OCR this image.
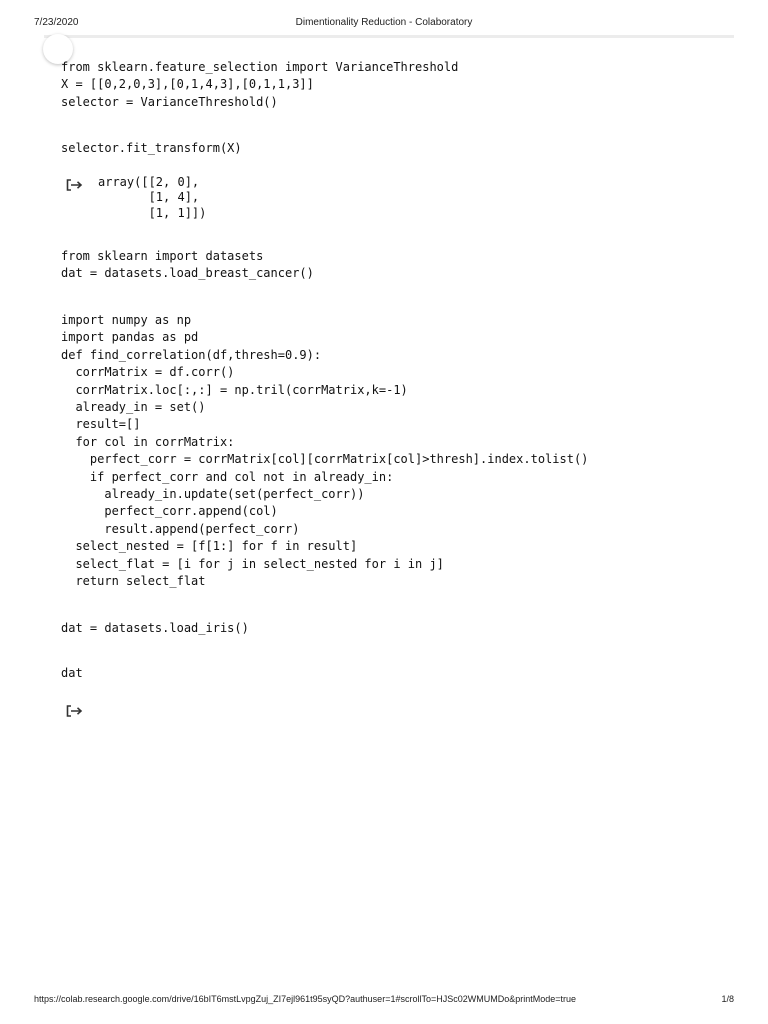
7/23/2020	Dimentionality Reduction - Colaboratory
from sklearn.feature_selection import VarianceThreshold
X = [[0,2,0,3],[0,1,4,3],[0,1,1,3]]
selector = VarianceThreshold()
selector.fit_transform(X)
array([[2, 0],
[1, 4],
[1, 1]])
from sklearn import datasets
dat = datasets.load_breast_cancer()
import numpy as np
import pandas as pd
def find_correlation(df,thresh=0.9):
corrMatrix = df.corr()
corrMatrix.loc[:,:] = np.tril(corrMatrix,k=-1)
already_in = set()
result=[]
for col in corrMatrix:
perfect_corr = corrMatrix[col][corrMatrix[col]>thresh].index.tolist()
if perfect_corr and col not in already_in:
already_in.update(set(perfect_corr))
perfect_corr.append(col)
result.append(perfect_corr)
select_nested = [f[1:] for f in result]
select_flat = [i for j in select_nested for i in j]
return select_flat
dat = datasets.load_iris()
dat
https://colab.research.google.com/drive/16bIT6mstLvpgZuj_ZI7ejl961t95syQD?authuser=1#scrollTo=HJSc02WMUMDo&printMode=true	1/8
